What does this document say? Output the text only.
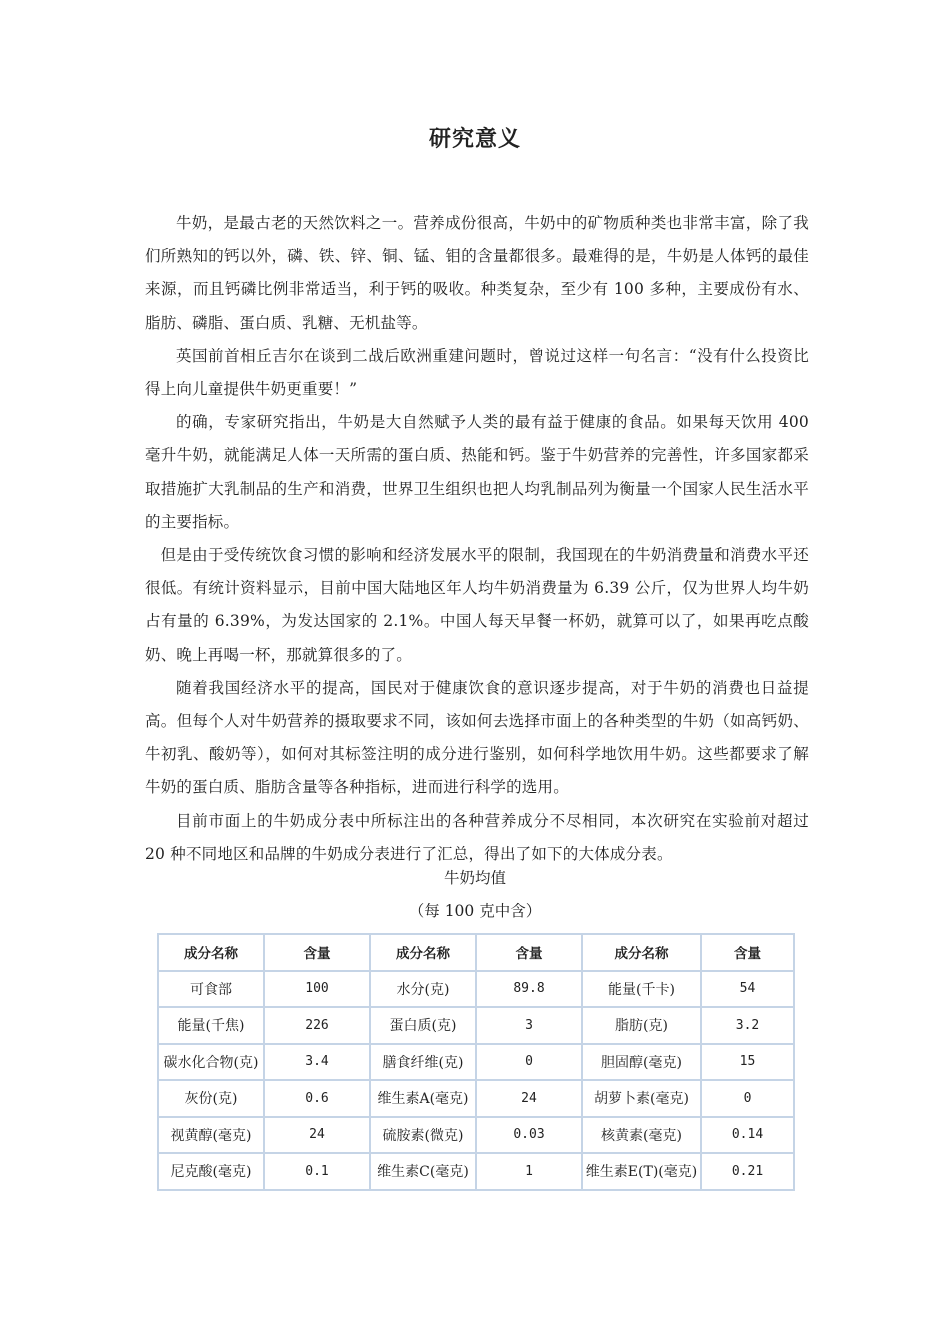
研究意义

牛奶，是最古老的天然饮料之一。营养成份很高，牛奶中的矿物质种类也非常丰富，除了我们所熟知的钙以外，磷、铁、锌、铜、锰、钼的含量都很多。最难得的是，牛奶是人体钙的最佳来源，而且钙磷比例非常适当，利于钙的吸收。种类复杂，至少有 100 多种，主要成份有水、脂肪、磷脂、蛋白质、乳糖、无机盐等。

英国前首相丘吉尔在谈到二战后欧洲重建问题时，曾说过这样一句名言：“没有什么投资比得上向儿童提供牛奶更重要！”

的确，专家研究指出，牛奶是大自然赋予人类的最有益于健康的食品。如果每天饮用 400 毫升牛奶，就能满足人体一天所需的蛋白质、热能和钙。鉴于牛奶营养的完善性，许多国家都采取措施扩大乳制品的生产和消费，世界卫生组织也把人均乳制品列为衡量一个国家人民生活水平的主要指标。

但是由于受传统饮食习惯的影响和经济发展水平的限制，我国现在的牛奶消费量和消费水平还很低。有统计资料显示，目前中国大陆地区年人均牛奶消费量为 6.39 公斤，仅为世界人均牛奶占有量的 6.39%，为发达国家的 2.1%。中国人每天早餐一杯奶，就算可以了，如果再吃点酸奶、晚上再喝一杯，那就算很多的了。

随着我国经济水平的提高，国民对于健康饮食的意识逐步提高，对于牛奶的消费也日益提高。但每个人对牛奶营养的摄取要求不同，该如何去选择市面上的各种类型的牛奶（如高钙奶、牛初乳、酸奶等），如何对其标签注明的成分进行鉴别，如何科学地饮用牛奶。这些都要求了解牛奶的蛋白质、脂肪含量等各种指标，进而进行科学的选用。

目前市面上的牛奶成分表中所标注出的各种营养成分不尽相同，本次研究在实验前对超过 20 种不同地区和品牌的牛奶成分表进行了汇总，得出了如下的大体成分表。

牛奶均值
（每 100 克中含）
成分名称	含量	成分名称	含量	成分名称	含量
可食部	100	水分(克)	89.8	能量(千卡)	54
能量(千焦)	226	蛋白质(克)	3	脂肪(克)	3.2
碳水化合物(克)	3.4	膳食纤维(克)	0	胆固醇(毫克)	15
灰份(克)	0.6	维生素A(毫克)	24	胡萝卜素(毫克)	0
视黄醇(毫克)	24	硫胺素(微克)	0.03	核黄素(毫克)	0.14
尼克酸(毫克)	0.1	维生素C(毫克)	1	维生素E(T)(毫克)	0.21
